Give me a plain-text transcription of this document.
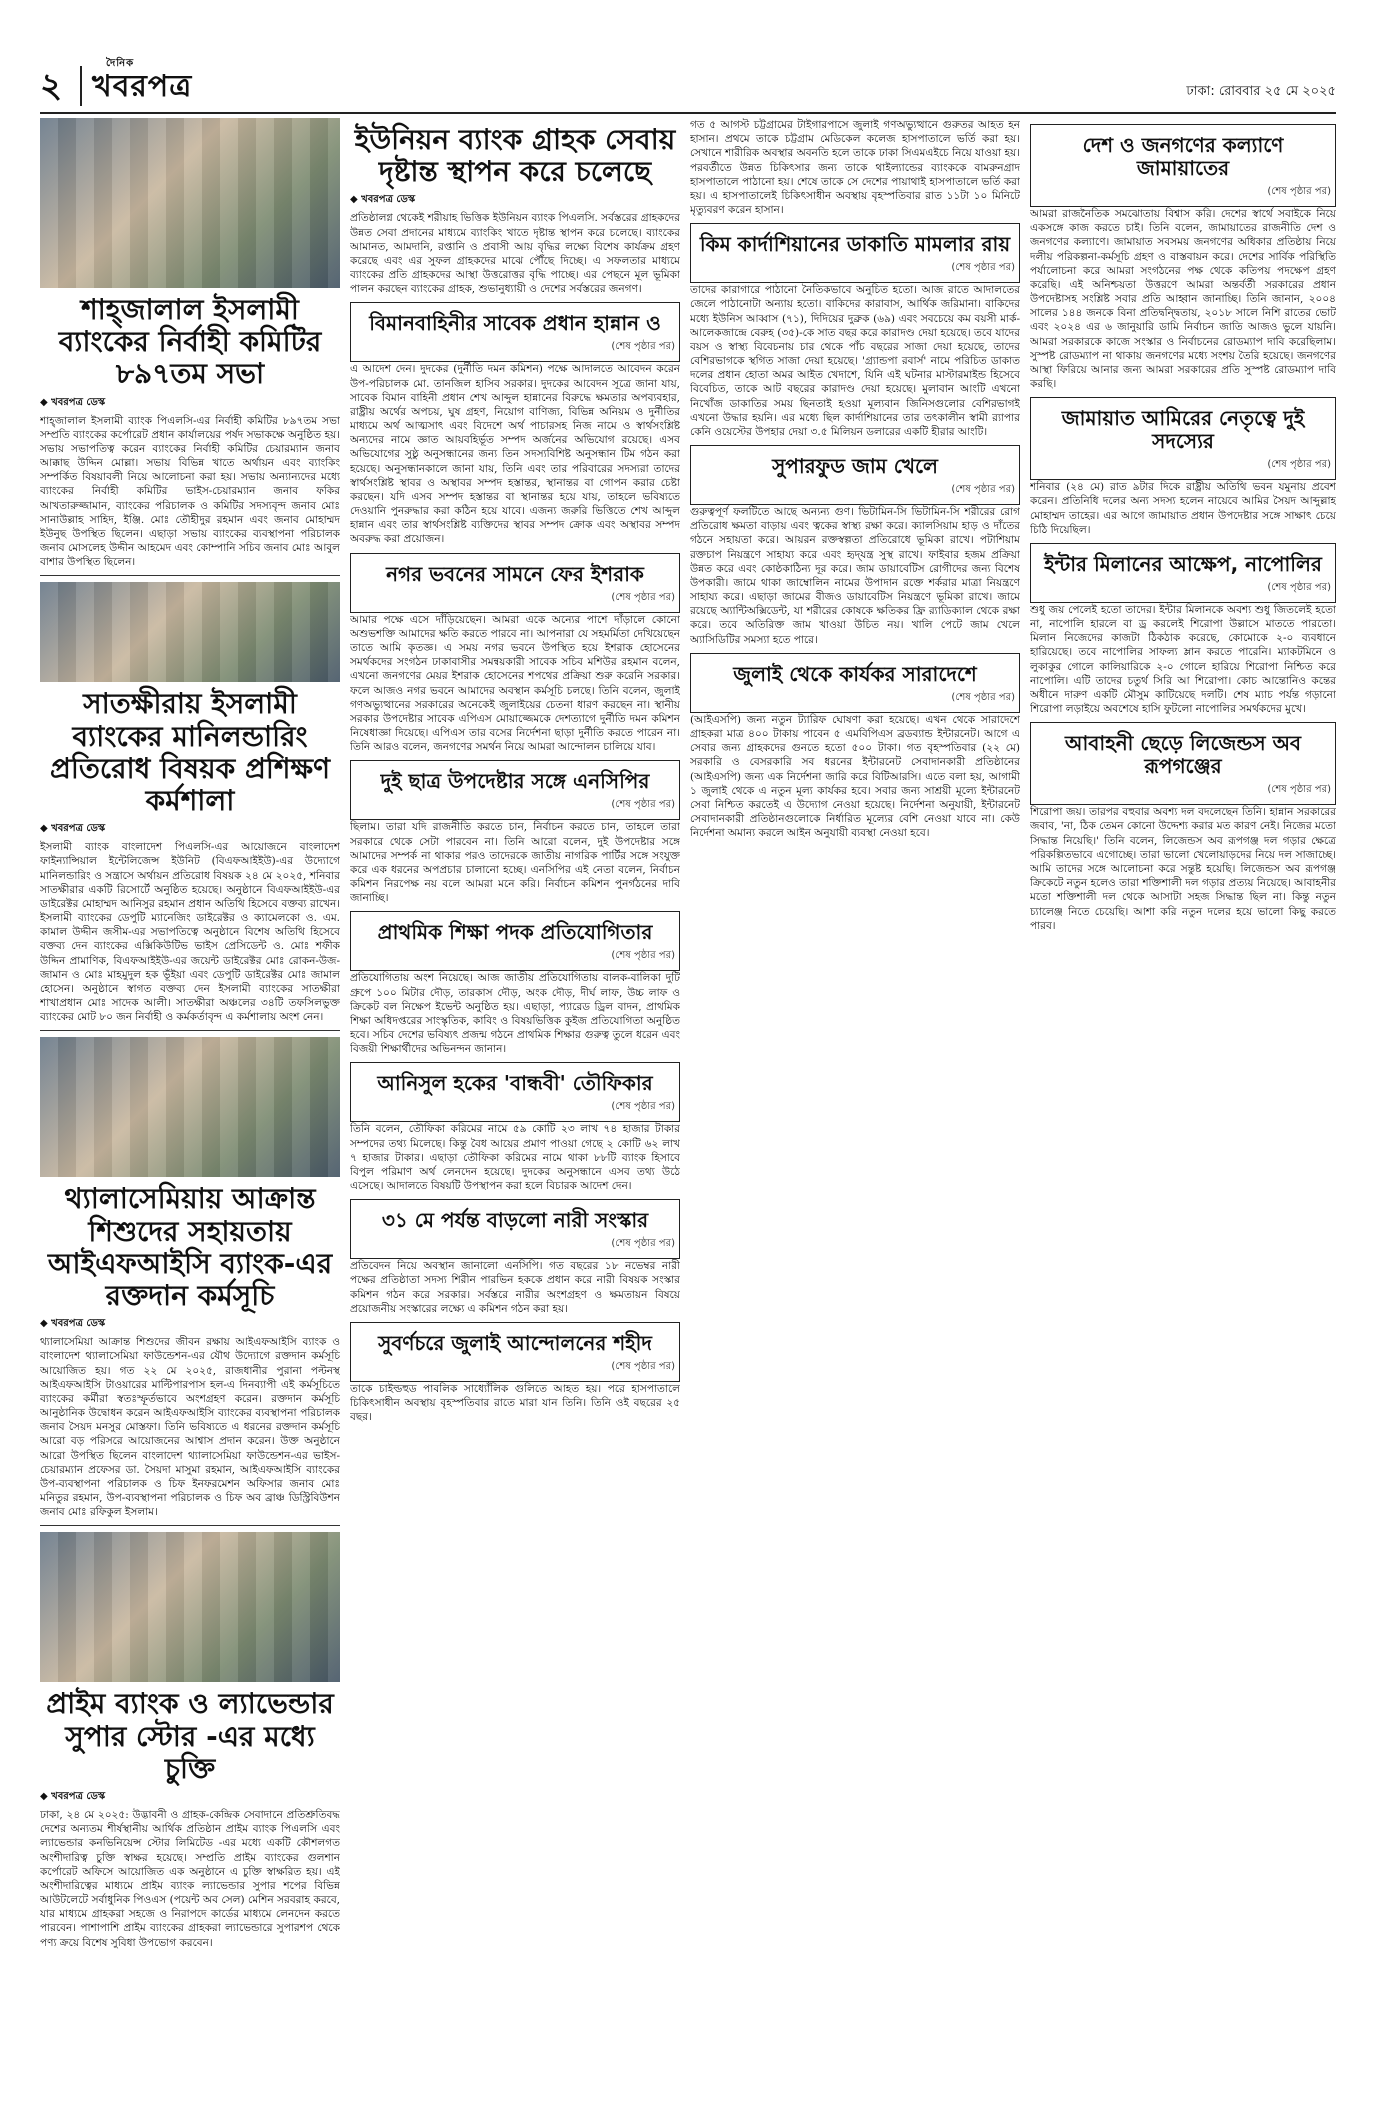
২
দৈনিক
খবরপত্র	ঢাকা: রোববার ২৫ মে ২০২৫
শাহ্‌জালাল ইসলামী ব্যাংকের নির্বাহী কমিটির ৮৯৭তম সভা
◆ খবরপত্র ডেস্ক
শাহ্‌জালাল ইসলামী ব্যাংক পিএলসি-এর নির্বাহী কমিটির ৮৯৭তম সভা সম্প্রতি ব্যাংকের কর্পোরেট প্রধান কার্যালয়ের পর্ষদ সভাকক্ষে অনুষ্ঠিত হয়। সভায় সভাপতিত্ব করেন ব্যাংকের নির্বাহী কমিটির চেয়ারম্যান জনাব আক্কাছ উদ্দিন মোল্লা। সভায় বিভিন্ন খাতে অর্থায়ন এবং ব্যাংকিং সম্পর্কিত বিষয়াবলী নিয়ে আলোচনা করা হয়। সভায় অন্যান্যদের মধ্যে ব্যাংকের নির্বাহী কমিটির ভাইস-চেয়ারম্যান জনাব ফকির আখতারুজ্জামান, ব্যাংকের পরিচালক ও কমিটির সদস্যবৃন্দ জনাব মোঃ সানাউল্লাহ সাহিদ, ইঞ্জি. মোঃ তৌহীদুর রহমান এবং জনাব মোহাম্মদ ইউনুছ উপস্থিত ছিলেন। এছাড়া সভায় ব্যাংকের ব্যবস্থাপনা পরিচালক জনাব মোসলেহ উদ্দীন আহমেদ এবং কোম্পানি সচিব জনাব মোঃ আবুল বাশার উপস্থিত ছিলেন।
সাতক্ষীরায় ইসলামী ব্যাংকের মানিলন্ডারিং প্রতিরোধ বিষয়ক প্রশিক্ষণ কর্মশালা
◆ খবরপত্র ডেস্ক
ইসলামী ব্যাংক বাংলাদেশ পিএলসি-এর আয়োজনে বাংলাদেশ ফাইন্যান্সিয়াল ইন্টেলিজেন্স ইউনিট (বিএফআইইউ)-এর উদ্যোগে মানিলন্ডারিং ও সন্ত্রাসে অর্থায়ন প্রতিরোধ বিষয়ক ২৪ মে ২০২৫, শনিবার সাতক্ষীরার একটি রিসোর্টে অনুষ্ঠিত হয়েছে। অনুষ্ঠানে বিএফআইইউ-এর ডাইরেক্টর মোহাম্মদ আনিসুর রহমান প্রধান অতিথি হিসেবে বক্তব্য রাখেন। ইসলামী ব্যাংকের ডেপুটি ম্যানেজিং ডাইরেক্টর ও ক্যামেলকো ও. এম. কামাল উদ্দীন জসীম-এর সভাপতিত্বে অনুষ্ঠানে বিশেষ অতিথি হিসেবে বক্তব্য দেন ব্যাংকের এক্সিকিউটিভ ভাইস প্রেসিডেন্ট ও. মোঃ শফীক উদ্দিন প্রামাণিক, বিএফআইইউ-এর জয়েন্ট ডাইরেক্টর মোঃ রোকন-উজ-জামান ও মোঃ মাহমুদুল হক ভূঁইয়া এবং ডেপুটি ডাইরেক্টর মোঃ জামাল হোসেন। অনুষ্ঠানে স্বাগত বক্তব্য দেন ইসলামী ব্যাংকের সাতক্ষীরা শাখাপ্রধান মোঃ সাদেক আলী। সাতক্ষীরা অঞ্চলের ৩৪টি তফসিলভুক্ত ব্যাংকের মোট ৮০ জন নির্বাহী ও কর্মকর্তাবৃন্দ এ কর্মশালায় অংশ নেন।
থ্যালাসেমিয়ায় আক্রান্ত শিশুদের সহায়তায় আইএফআইসি ব্যাংক-এর রক্তদান কর্মসূচি
◆ খবরপত্র ডেস্ক
থ্যালাসেমিয়া আক্রান্ত শিশুদের জীবন রক্ষায় আইএফআইসি ব্যাংক ও বাংলাদেশ থ্যালাসেমিয়া ফাউন্ডেশন-এর যৌথ উদ্যোগে রক্তদান কর্মসূচি আয়োজিত হয়। গত ২২ মে ২০২৫, রাজধানীর পুরানা পল্টনস্থ আইএফআইসি টাওয়ারের মাল্টিপারপাস হল-এ দিনব্যাপী এই কর্মসূচিতে ব্যাংকের কর্মীরা স্বতঃস্ফূর্তভাবে অংশগ্রহণ করেন। রক্তদান কর্মসূচি আনুষ্ঠানিক উদ্বোধন করেন আইএফআইসি ব্যাংকের ব্যবস্থাপনা পরিচালক জনাব সৈয়দ মনসুর মোস্তফা। তিনি ভবিষ্যতে এ ধরনের রক্তদান কর্মসূচি আরো বড় পরিসরে আয়োজনের আশ্বাস প্রদান করেন। উক্ত অনুষ্ঠানে আরো উপস্থিত ছিলেন বাংলাদেশ থ্যালাসেমিয়া ফাউন্ডেশন-এর ভাইস-চেয়ারম্যান প্রফেসর ডা. সৈয়দা মাসুমা রহমান, আইএফআইসি ব্যাংকের উপ-ব্যবস্থাপনা পরিচালক ও চিফ ইনফরমেশন অফিসার জনাব মোঃ মনিতুর রহমান, উপ-ব্যবস্থাপনা পরিচালক ও চিফ অব ব্রাঞ্চ ডিস্ট্রিবিউশন জনাব মোঃ রফিকুল ইসলাম।
প্রাইম ব্যাংক ও ল্যাভেন্ডার সুপার স্টোর -এর মধ্যে চুক্তি
◆ খবরপত্র ডেস্ক
ঢাকা, ২৪ মে ২০২৫: উদ্ভাবনী ও গ্রাহক-কেন্দ্রিক সেবাদানে প্রতিশ্রুতিবদ্ধ দেশের অন্যতম শীর্ষস্থানীয় আর্থিক প্রতিষ্ঠান প্রাইম ব্যাংক পিএলসি এবং ল্যাভেন্ডার কনভিনিয়েন্স স্টোর লিমিটেড -এর মধ্যে একটি কৌশলগত অংশীদারিত্ব চুক্তি স্বাক্ষর হয়েছে। সম্প্রতি প্রাইম ব্যাংকের গুলশান কর্পোরেট অফিসে আয়োজিত এক অনুষ্ঠানে এ চুক্তি স্বাক্ষরিত হয়। এই অংশীদারিত্বের মাধ্যমে প্রাইম ব্যাংক ল্যাভেন্ডার সুপার শপের বিভিন্ন আউটলেটে সর্বাধুনিক পিওএস (পয়েন্ট অব সেল) মেশিন সরবরাহ করবে, যার মাধ্যমে গ্রাহকরা সহজে ও নিরাপদে কার্ডের মাধ্যমে লেনদেন করতে পারবেন। পাশাপাশি প্রাইম ব্যাংকের গ্রাহকরা ল্যাভেন্ডারে সুপারশপ থেকে পণ্য ক্রয়ে বিশেষ সুবিধা উপভোগ করবেন।
ইউনিয়ন ব্যাংক গ্রাহক সেবায় দৃষ্টান্ত স্থাপন করে চলেছে
◆ খবরপত্র ডেস্ক
প্রতিষ্ঠালগ্ন থেকেই শরীয়াহ ভিত্তিক ইউনিয়ন ব্যাংক পিএলসি. সর্বস্তরের গ্রাহকদের উন্নত সেবা প্রদানের মাধ্যমে ব্যাংকিং খাতে দৃষ্টান্ত স্থাপন করে চলেছে। ব্যাংকের আমানত, আমদানি, রপ্তানি ও প্রবাসী আয় বৃদ্ধির লক্ষ্যে বিশেষ কার্যক্রম গ্রহণ করেছে এবং এর সুফল গ্রাহকদের মাঝে পৌঁছে দিচ্ছে। এ সফলতার মাধ্যমে ব্যাংকের প্রতি গ্রাহকদের আস্থা উত্তরোত্তর বৃদ্ধি পাচ্ছে। এর পেছনে মূল ভূমিকা পালন করছেন ব্যাংকের গ্রাহক, শুভানুধ্যায়ী ও দেশের সর্বস্তরের জনগণ।
বিমানবাহিনীর সাবেক প্রধান হান্নান ও
(শেষ পৃষ্ঠার পর)
এ আদেশ দেন। দুদকের (দুর্নীতি দমন কমিশন) পক্ষে আদালতে আবেদন করেন উপ-পরিচালক মো. তানজিল হাসিব সরকার। দুদকের আবেদন সূত্রে জানা যায়, সাবেক বিমান বাহিনী প্রধান শেখ আব্দুল হান্নানের বিরুদ্ধে ক্ষমতার অপব্যবহার, রাষ্ট্রীয় অর্থের অপচয়, ঘুষ গ্রহণ, নিয়োগ বাণিজ্য, বিভিন্ন অনিয়ম ও দুর্নীতির মাধ্যমে অর্থ আত্মসাৎ এবং বিদেশে অর্থ পাচারসহ নিজ নামে ও স্বার্থসংশ্লিষ্ট অন্যদের নামে জ্ঞাত আয়বহির্ভূত সম্পদ অর্জনের অভিযোগ রয়েছে। এসব অভিযোগের সুষ্ঠু অনুসন্ধানের জন্য তিন সদস্যবিশিষ্ট অনুসন্ধান টিম গঠন করা হয়েছে। অনুসন্ধানকালে জানা যায়, তিনি এবং তার পরিবারের সদস্যরা তাদের স্বার্থসংশ্লিষ্ট স্থাবর ও অস্থাবর সম্পদ হস্তান্তর, স্থানান্তর বা গোপন করার চেষ্টা করছেন। যদি এসব সম্পদ হস্তান্তর বা স্থানান্তর হয়ে যায়, তাহলে ভবিষ্যতে দেওয়ানি পুনরুদ্ধার করা কঠিন হয়ে যাবে। এজন্য জরুরি ভিত্তিতে শেখ আব্দুল হান্নান এবং তার স্বার্থসংশ্লিষ্ট ব্যক্তিদের স্থাবর সম্পদ ক্রোক এবং অস্থাবর সম্পদ অবরুদ্ধ করা প্রয়োজন।
নগর ভবনের সামনে ফের ইশরাক
(শেষ পৃষ্ঠার পর)
আমার পক্ষে এসে দাঁড়িয়েছেন। আমরা একে অন্যের পাশে দাঁড়ালে কোনো অশুভশক্তি আমাদের ক্ষতি করতে পারবে না। আপনারা যে সহমর্মিতা দেখিয়েছেন তাতে আমি কৃতজ্ঞ। এ সময় নগর ভবনে উপস্থিত হয়ে ইশরাক হোসেনের সমর্থকদের সংগঠন ঢাকাবাসীর সমন্বয়কারী সাবেক সচিব মশিউর রহমান বলেন, এখনো জনগণের মেয়র ইশরাক হোসেনের শপথের প্রক্রিয়া শুরু করেনি সরকার। ফলে আজও নগর ভবনে আমাদের অবস্থান কর্মসূচি চলছে। তিনি বলেন, জুলাই গণঅভ্যুত্থানের সরকারের অনেকেই জুলাইয়ের চেতনা ধারণ করছেন না। স্থানীয় সরকার উপদেষ্টার সাবেক এপিএস মোয়াজ্জেমকে দেশত্যাগে দুর্নীতি দমন কমিশন নিষেধাজ্ঞা দিয়েছে। এপিএস তার বসের নির্দেশনা ছাড়া দুর্নীতি করতে পারেন না। তিনি আরও বলেন, জনগণের সমর্থন নিয়ে আমরা আন্দোলন চালিয়ে যাব।
দুই ছাত্র উপদেষ্টার সঙ্গে এনসিপির
(শেষ পৃষ্ঠার পর)
ছিলাম। তারা যদি রাজনীতি করতে চান, নির্বাচন করতে চান, তাহলে তারা সরকারে থেকে সেটা পারবেন না। তিনি আরো বলেন, দুই উপদেষ্টার সঙ্গে আমাদের সম্পর্ক না থাকার পরও তাদেরকে জাতীয় নাগরিক পার্টির সঙ্গে সংযুক্ত করে এক ধরনের অপপ্রচার চালানো হচ্ছে। এনসিপির এই নেতা বলেন, নির্বাচন কমিশন নিরপেক্ষ নয় বলে আমরা মনে করি। নির্বাচন কমিশন পুনর্গঠনের দাবি জানাচ্ছি।
প্রাথমিক শিক্ষা পদক প্রতিযোগিতার
(শেষ পৃষ্ঠার পর)
প্রতিযোগিতায় অংশ নিয়েছে। আজ জাতীয় প্রতিযোগিতায় বালক-বালিকা দুটি গ্রুপে ১০০ মিটার দৌড়, তারকাস দৌড়, অংক দৌড়, দীর্ঘ লাফ, উচ্চ লাফ ও ক্রিকেট বল নিক্ষেপ ইভেন্ট অনুষ্ঠিত হয়। এছাড়া, প্যারেড ড্রিল বাদন, প্রাথমিক শিক্ষা অধিদপ্তরের সাংস্কৃতিক, কাবিং ও বিষয়ভিত্তিক কুইজ প্রতিযোগিতা অনুষ্ঠিত হবে। সচিব দেশের ভবিষ্যৎ প্রজন্ম গঠনে প্রাথমিক শিক্ষার গুরুত্ব তুলে ধরেন এবং বিজয়ী শিক্ষার্থীদের অভিনন্দন জানান।
আনিসুল হকের 'বান্ধবী' তৌফিকার
(শেষ পৃষ্ঠার পর)
তিনি বলেন, তৌফিকা করিমের নামে ৫৯ কোটি ২৩ লাখ ৭৪ হাজার টাকার সম্পদের তথ্য মিলেছে। কিন্তু বৈধ আয়ের প্রমাণ পাওয়া গেছে ২ কোটি ৬২ লাখ ৭ হাজার টাকার। এছাড়া তৌফিকা করিমের নামে থাকা ৮৮টি ব্যাংক হিসাবে বিপুল পরিমাণ অর্থ লেনদেন হয়েছে। দুদকের অনুসন্ধানে এসব তথ্য উঠে এসেছে। আদালতে বিষয়টি উপস্থাপন করা হলে বিচারক আদেশ দেন।
৩১ মে পর্যন্ত বাড়লো নারী সংস্কার
(শেষ পৃষ্ঠার পর)
প্রতিবেদন নিয়ে অবস্থান জানালো এনসিপি। গত বছরের ১৮ নভেম্বর নারী পক্ষের প্রতিষ্ঠাতা সদস্য শিরীন পারভিন হককে প্রধান করে নারী বিষয়ক সংস্কার কমিশন গঠন করে সরকার। সর্বস্তরে নারীর অংশগ্রহণ ও ক্ষমতায়ন বিষয়ে প্রয়োজনীয় সংস্কারের লক্ষ্যে এ কমিশন গঠন করা হয়।
সুবর্ণচরে জুলাই আন্দোলনের শহীদ
(শেষ পৃষ্ঠার পর)
তাকে চাইল্ডহুড পাবলিক সাধ্যোঁলিক গুলিতে আহত হয়। পরে হাসপাতালে চিকিৎসাধীন অবস্থায় বৃহস্পতিবার রাতে মারা যান তিনি। তিনি ওই বছরের ২৫ বছর।
গত ৫ আগস্ট চট্টগ্রামের টাইগারপাসে জুলাই গণঅভ্যুত্থানে গুরুতর আহত হন হাসান। প্রথমে তাকে চট্টগ্রাম মেডিকেল কলেজ হাসপাতালে ভর্তি করা হয়। সেখানে শারীরিক অবস্থার অবনতি হলে তাকে ঢাকা সিএমএইচে নিয়ে যাওয়া হয়। পরবর্তীতে উন্নত চিকিৎসার জন্য তাকে থাইল্যান্ডের ব্যাংককে বামরুনগ্রাদ হাসপাতালে পাঠানো হয়। শেষে তাকে সে দেশের পায়াথাই হাসপাতালে ভর্তি করা হয়। এ হাসপাতালেই চিকিৎসাধীন অবস্থায় বৃহস্পতিবার রাত ১১টা ১০ মিনিটে মৃত্যুবরণ করেন হাসান।
কিম কার্দাশিয়ানের ডাকাতি মামলার রায়
(শেষ পৃষ্ঠার পর)
তাদের কারাগারে পাঠানো নৈতিকভাবে অনুচিত হতো। আজ রাতে আদালতের জেলে পাঠানোটা অন্যায় হতো। বাকিদের কারাবাস, আর্থিক জরিমানা। বাকিদের মধ্যে ইউনিস আব্বাস (৭১), দিদিয়ের দুব্রুক (৬৯) এবং সবচেয়ে কম বয়সী মার্ক-আলেকজান্দ্রে বেরুহ (৩৫)-কে সাত বছর করে কারাদণ্ড দেয়া হয়েছে। তবে যাদের বয়স ও স্বাস্থ্য বিবেচনায় চার থেকে পাঁচ বছরের সাজা দেয়া হয়েছে, তাদের বেশিরভাগকে স্থগিত সাজা দেয়া হয়েছে। 'গ্র্যান্ডপা রবার্স' নামে পরিচিত ডাকাত দলের প্রধান হোতা অমর আইত খেদাশে, যিনি এই ঘটনার মাস্টারমাইন্ড হিসেবে বিবেচিত, তাকে আট বছরের কারাদণ্ড দেয়া হয়েছে। মুলাবান আংটি এখনো নিখোঁজ ডাকাতির সময় ছিনতাই হওয়া মূল্যবান জিনিসগুলোর বেশিরভাগই এখনো উদ্ধার হয়নি। এর মধ্যে ছিল কার্দাশিয়ানের তার তৎকালীন স্বামী র‍্যাপার কেনি ওয়েস্টের উপহার দেয়া ৩.৫ মিলিয়ন ডলারের একটি হীরার আংটি।
সুপারফুড জাম খেলে
(শেষ পৃষ্ঠার পর)
গুরুত্বপূর্ণ ফলটিতে আছে অন্যন্য গুণ। ভিটামিন-সি ভিটামিন-সি শরীরের রোগ প্রতিরোধ ক্ষমতা বাড়ায় এবং ত্বকের স্বাস্থ্য রক্ষা করে। ক্যালসিয়াম হাড় ও দাঁতের গঠনে সহায়তা করে। আয়রন রক্তস্বল্পতা প্রতিরোধে ভূমিকা রাখে। পটাশিয়াম রক্তচাপ নিয়ন্ত্রণে সাহায্য করে এবং হৃদ্‌যন্ত্র সুস্থ রাখে। ফাইবার হজম প্রক্রিয়া উন্নত করে এবং কোষ্ঠকাঠিন্য দূর করে। জাম ডায়াবেটিস রোগীদের জন্য বিশেষ উপকারী। জামে থাকা জাম্বোলিন নামের উপাদান রক্তে শর্করার মাত্রা নিয়ন্ত্রণে সাহায্য করে। এছাড়া জামের বীজও ডায়াবেটিস নিয়ন্ত্রণে ভূমিকা রাখে। জামে রয়েছে অ্যান্টিঅক্সিডেন্ট, যা শরীরের কোষকে ক্ষতিকর ফ্রি র‍্যাডিক্যাল থেকে রক্ষা করে। তবে অতিরিক্ত জাম খাওয়া উচিত নয়। খালি পেটে জাম খেলে অ্যাসিডিটির সমস্যা হতে পারে।
জুলাই থেকে কার্যকর সারাদেশে
(শেষ পৃষ্ঠার পর)
(আইএসপি) জন্য নতুন ট্যারিফ ঘোষণা করা হয়েছে। এখন থেকে সারাদেশে গ্রাহকরা মাত্র ৪০০ টাকায় পাবেন ৫ এমবিপিএস ব্রডব্যান্ড ইন্টারনেট। আগে এ সেবার জন্য গ্রাহকদের গুনতে হতো ৫০০ টাকা। গত বৃহস্পতিবার (২২ মে) সরকারি ও বেসরকারি সব ধরনের ইন্টারনেট সেবাদানকারী প্রতিষ্ঠানের (আইএসপি) জন্য এক নির্দেশনা জারি করে বিটিআরসি। এতে বলা হয়, আগামী ১ জুলাই থেকে এ নতুন মূল্য কার্যকর হবে। সবার জন্য সাশ্রয়ী মূল্যে ইন্টারনেট সেবা নিশ্চিত করতেই এ উদ্যোগ নেওয়া হয়েছে। নির্দেশনা অনুযায়ী, ইন্টারনেট সেবাদানকারী প্রতিষ্ঠানগুলোকে নির্ধারিত মূল্যের বেশি নেওয়া যাবে না। কেউ নির্দেশনা অমান্য করলে আইন অনুযায়ী ব্যবস্থা নেওয়া হবে।
দেশ ও জনগণের কল্যাণে জামায়াতের
(শেষ পৃষ্ঠার পর)
আমরা রাজনৈতিক সমঝোতায় বিশ্বাস করি। দেশের স্বার্থে সবাইকে নিয়ে একসঙ্গে কাজ করতে চাই। তিনি বলেন, জামায়াতের রাজনীতি দেশ ও জনগণের কল্যাণে। জামায়াত সবসময় জনগণের অধিকার প্রতিষ্ঠায় নিয়ে দলীয় পরিকল্পনা-কর্মসূচি গ্রহণ ও বাস্তবায়ন করে। দেশের সার্বিক পরিস্থিতি পর্যালোচনা করে আমরা সংগঠনের পক্ষ থেকে কতিপয় পদক্ষেপ গ্রহণ করেছি। এই অনিশ্চয়তা উত্তরণে আমরা অন্তর্বর্তী সরকারের প্রধান উপদেষ্টাসহ সংশ্লিষ্ট সবার প্রতি আহ্বান জানাচ্ছি। তিনি জানান, ২০০৪ সালের ১৪৪ জনকে বিনা প্রতিদ্বন্দ্বিতায়, ২০১৮ সালে নিশি রাতের ভোট এবং ২০২৪ এর ৬ জানুয়ারি ডামি নির্বাচন জাতি আজও ভুলে যায়নি। আমরা সরকারকে কাজে সংস্কার ও নির্বাচনের রোডম্যাপ দাবি করেছিলাম। সুস্পষ্ট রোডম্যাপ না থাকায় জনগণের মধ্যে সংশয় তৈরি হয়েছে। জনগণের আস্থা ফিরিয়ে আনার জন্য আমরা সরকারের প্রতি সুস্পষ্ট রোডম্যাপ দাবি করছি।
জামায়াত আমিরের নেতৃত্বে দুই সদস্যের
(শেষ পৃষ্ঠার পর)
শনিবার (২৪ মে) রাত ৯টার দিকে রাষ্ট্রীয় অতিথি ভবন যমুনায় প্রবেশ করেন। প্রতিনিধি দলের অন্য সদস্য হলেন নায়েবে আমির সৈয়দ আব্দুল্লাহ মোহাম্মদ তাহের। এর আগে জামায়াত প্রধান উপদেষ্টার সঙ্গে সাক্ষাৎ চেয়ে চিঠি দিয়েছিল।
ইন্টার মিলানের আক্ষেপ, নাপোলির
(শেষ পৃষ্ঠার পর)
শুধু জয় পেলেই হতো তাদের। ইন্টার মিলানকে অবশ্য শুধু জিতলেই হতো না, নাপোলি হারলে বা ড্র করলেই শিরোপা উল্লাসে মাততে পারতো। মিলান নিজেদের কাজটা ঠিকঠাক করেছে, কোমোকে ২-০ ব্যবধানে হারিয়েছে। তবে নাপোলির সাফল্য ম্লান করতে পারেনি। ম্যাকটমিনে ও লুকাকুর গোলে কালিয়ারিকে ২-০ গোলে হারিয়ে শিরোপা নিশ্চিত করে নাপোলি। এটি তাদের চতুর্থ সিরি আ শিরোপা। কোচ আন্তোনিও কন্তের অধীনে দারুণ একটি মৌসুম কাটিয়েছে দলটি। শেষ ম্যাচ পর্যন্ত গড়ানো শিরোপা লড়াইয়ে অবশেষে হাসি ফুটলো নাপোলির সমর্থকদের মুখে।
আবাহনী ছেড়ে লিজেন্ডস অব রূপগঞ্জের
(শেষ পৃষ্ঠার পর)
শিরোপা জয়। তারপর বহুবার অবশ্য দল বদলেছেন তিনি। হান্নান সরকারের জবাব, 'না, ঠিক তেমন কোনো উদ্দেশ্য করার মত কারণ নেই। নিজের মতো সিদ্ধান্ত নিয়েছি।' তিনি বলেন, লিজেন্ডস অব রূপগঞ্জ দল গড়ার ক্ষেত্রে পরিকল্পিতভাবে এগোচ্ছে। তারা ভালো খেলোয়াড়দের নিয়ে দল সাজাচ্ছে। আমি তাদের সঙ্গে আলোচনা করে সন্তুষ্ট হয়েছি। লিজেন্ডস অব রূপগঞ্জ ক্রিকেটে নতুন হলেও তারা শক্তিশালী দল গড়ার প্রত্যয় নিয়েছে। আবাহনীর মতো শক্তিশালী দল থেকে আসাটা সহজ সিদ্ধান্ত ছিল না। কিন্তু নতুন চ্যালেঞ্জ নিতে চেয়েছি। আশা করি নতুন দলের হয়ে ভালো কিছু করতে পারব।
